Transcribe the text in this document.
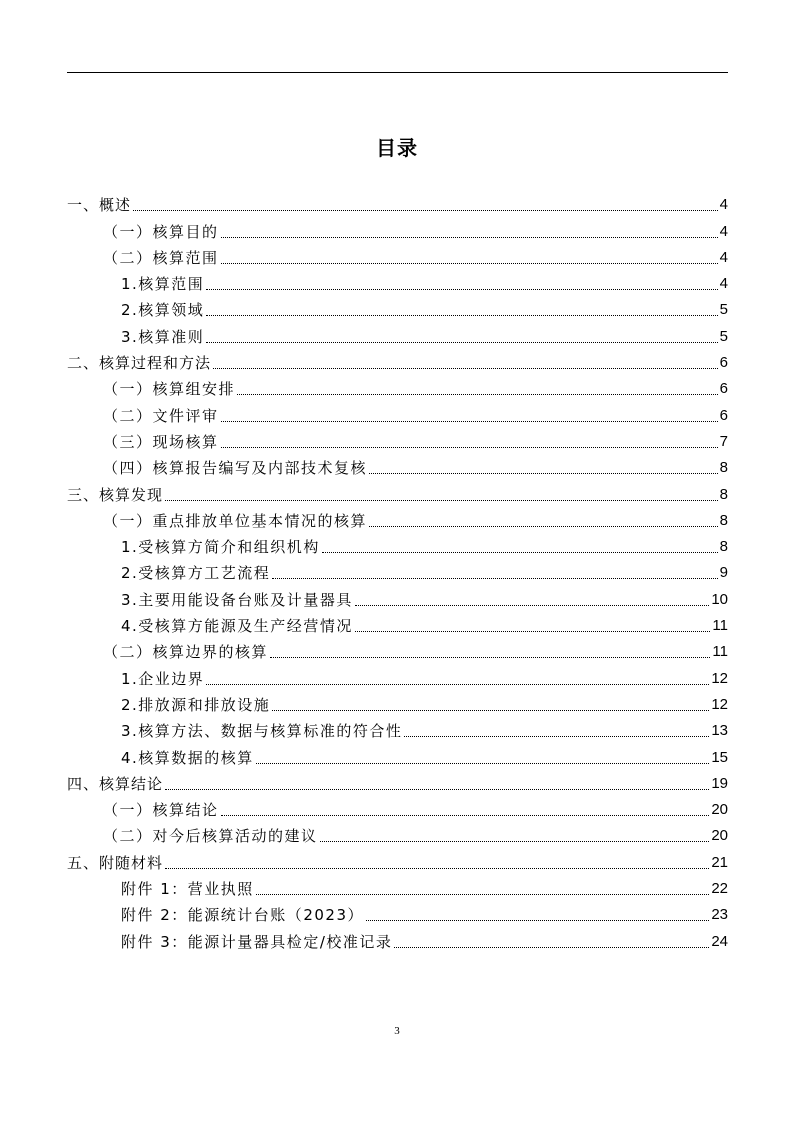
目录
一、概述	4
（一）核算目的	4
（二）核算范围	4
1.核算范围	4
2.核算领域	5
3.核算准则	5
二、核算过程和方法	6
（一）核算组安排	6
（二）文件评审	6
（三）现场核算	7
（四）核算报告编写及内部技术复核	8
三、核算发现	8
（一）重点排放单位基本情况的核算	8
1.受核算方简介和组织机构	8
2.受核算方工艺流程	9
3.主要用能设备台账及计量器具	10
4.受核算方能源及生产经营情况	11
（二）核算边界的核算	11
1.企业边界	12
2.排放源和排放设施	12
3.核算方法、数据与核算标准的符合性	13
4.核算数据的核算	15
四、核算结论	19
（一）核算结论	20
（二）对今后核算活动的建议	20
五、附随材料	21
附件 1：营业执照	22
附件 2：能源统计台账（2023）	23
附件 3：能源计量器具检定/校准记录	24
3
